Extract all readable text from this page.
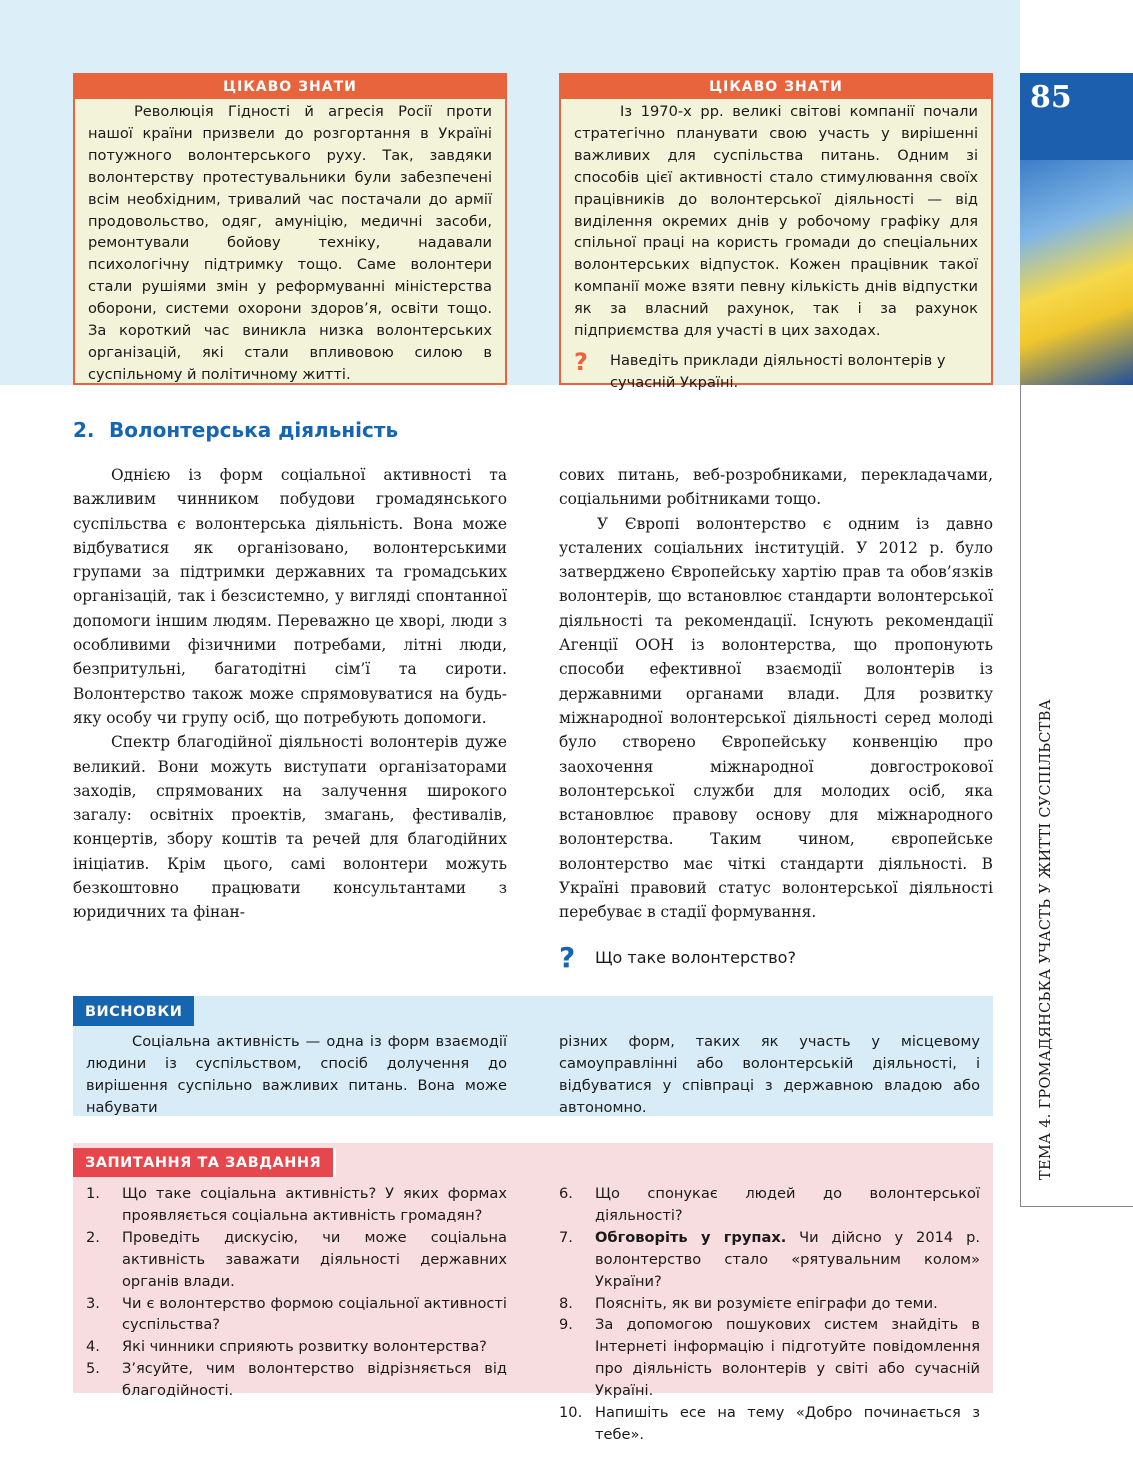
ЦІКАВО ЗНАТИ

Революція Гідності й агресія Росії проти нашої країни призвели до розгортання в Україні потужного волонтерського руху. Так, завдяки волонтерству протестувальники були забезпечені всім необхідним, тривалий час постачали до армії продовольство, одяг, амуніцію, медичні засоби, ремонтували бойову техніку, надавали психологічну підтримку тощо. Саме волонтери стали рушіями змін у реформуванні міністерства оборони, системи охорони здоров’я, освіти тощо. За короткий час виникла низка волонтерських організацій, які стали впливовою силою в суспільному й політичному житті.

ЦІКАВО ЗНАТИ

Із 1970-х рр. великі світові компанії почали стратегічно планувати свою участь у вирішенні важливих для суспільства питань. Одним зі способів цієї активності стало стимулювання своїх працівників до волонтерської діяльності — від виділення окремих днів у робочому графіку для спільної праці на користь громади до спеціальних волонтерських відпусток. Кожен працівник такої компанії може взяти певну кількість днів відпустки як за власний рахунок, так і за рахунок підприємства для участі в цих заходах.

?	Наведіть приклади діяльності волонтерів у сучасній Україні.
85
ТЕМА 4. ГРОМАДЯНСЬКА УЧАСТЬ У ЖИТТІ СУСПІЛЬСТВА
2. Волонтерська діяльність

Однією із форм соціальної активності та важливим чинником побудови громадянського суспільства є волонтерська діяльність. Вона може відбуватися як організовано, волонтерськими групами за підтримки державних та громадських організацій, так і безсистемно, у вигляді спонтанної допомоги іншим людям. Переважно це хворі, люди з особливими фізичними потребами, літні люди, безпритульні, багатодітні сім’ї та сироти. Волонтерство також може спрямовуватися на будь-яку особу чи групу осіб, що потребують допомоги.

Спектр благодійної діяльності волонтерів дуже великий. Вони можуть виступати організаторами заходів, спрямованих на залучення широкого загалу: освітніх проектів, змагань, фестивалів, концертів, збору коштів та речей для благодійних ініціатив. Крім цього, самі волонтери можуть безкоштовно працювати консультантами з юридичних та фінан-

сових питань, веб-розробниками, перекладачами, соціальними робітниками тощо.

У Європі волонтерство є одним із давно усталених соціальних інституцій. У 2012 р. було затверджено Європейську хартію прав та обов’язків волонтерів, що встановлює стандарти волонтерської діяльності та рекомендації. Існують рекомендації Агенції ООН із волонтерства, що пропонують способи ефективної взаємодії волонтерів із державними органами влади. Для розвитку міжнародної волонтерської діяльності серед молоді було створено Європейську конвенцію про заохочення міжнародної довгострокової волонтерської служби для молодих осіб, яка встановлює правову основу для міжнародного волонтерства. Таким чином, європейське волонтерство має чіткі стандарти діяльності. В Україні правовий статус волонтерської діяльності перебуває в стадії формування.

?	Що таке волонтерство?
ВИСНОВКИ

Соціальна активність — одна із форм взаємодії людини із суспільством, спосіб долучення до вирішення суспільно важливих питань. Вона може набувати

різних форм, таких як участь у місцевому самоуправлінні або волонтерській діяльності, і відбуватися у співпраці з державною владою або автономно.

ЗАПИТАННЯ ТА ЗАВДАННЯ
1.	Що таке соціальна активність? У яких формах проявляється соціальна активність громадян?
2.	Проведіть дискусію, чи може соціальна активність заважати діяльності державних органів влади.
3.	Чи є волонтерство формою соціальної активності суспільства?
4.	Які чинники сприяють розвитку волонтерства?
5.	З’ясуйте, чим волонтерство відрізняється від благодійності.
6.	Що спонукає людей до волонтерської діяльності?
7.	Обговоріть у групах. Чи дійсно у 2014 р. волонтерство стало «рятувальним колом» України?
8.	Поясніть, як ви розумієте епіграфи до теми.
9.	За допомогою пошукових систем знайдіть в Інтернеті інформацію і підготуйте повідомлення про діяльність волонтерів у світі або сучасній Україні.
10. Напишіть есе на тему «Добро починається з тебе».
